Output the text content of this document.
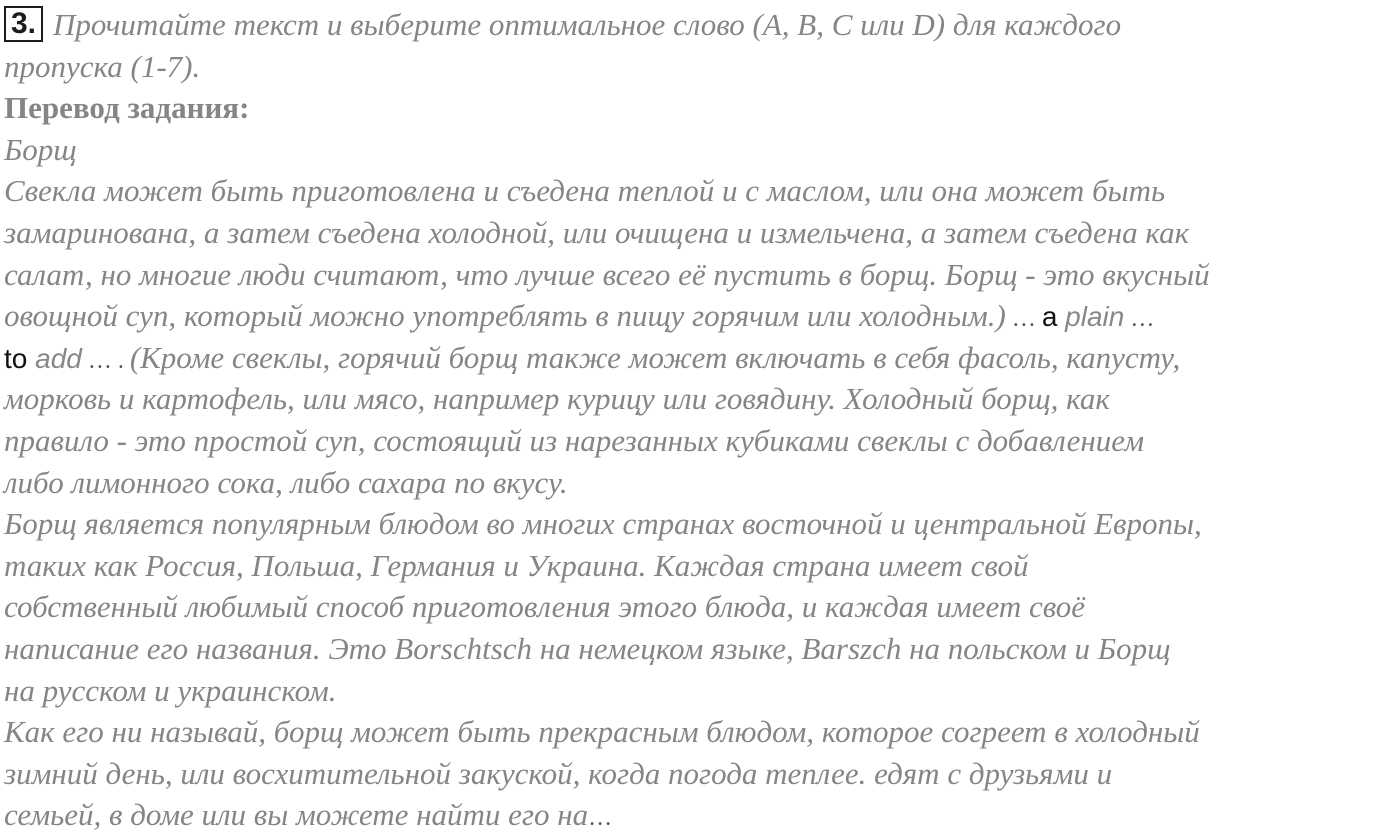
3. Прочитайте текст и выберите оптимальное слово (A, B, C или D) для каждого
пропуска (1-7).
Перевод задания:
Борщ
Свекла может быть приготовлена и съедена теплой и с маслом, или она может быть
замаринована, а затем съедена холодной, или очищена и измельчена, а затем съедена как
салат, но многие люди считают, что лучше всего её пустить в борщ. Борщ - это вкусный
овощной суп, который можно употреблять в пищу горячим или холодным.) … a plain …
to add … . (Кроме свеклы, горячий борщ также может включать в себя фасоль, капусту,
морковь и картофель, или мясо, например курицу или говядину. Холодный борщ, как
правило - это простой суп, состоящий из нарезанных кубиками свеклы с добавлением
либо лимонного сока, либо сахара по вкусу.
Борщ является популярным блюдом во многих странах восточной и центральной Европы,
таких как Россия, Польша, Германия и Украина. Каждая страна имеет свой
собственный любимый способ приготовления этого блюда, и каждая имеет своё
написание его названия. Это Borschtsch на немецком языке, Barszch на польском и Борщ
на русском и украинском.
Как его ни называй, борщ может быть прекрасным блюдом, которое согреет в холодный
зимний день, или восхитительной закуской, когда погода теплее. едят с друзьями и
семьей, в доме или вы можете найти его на…
